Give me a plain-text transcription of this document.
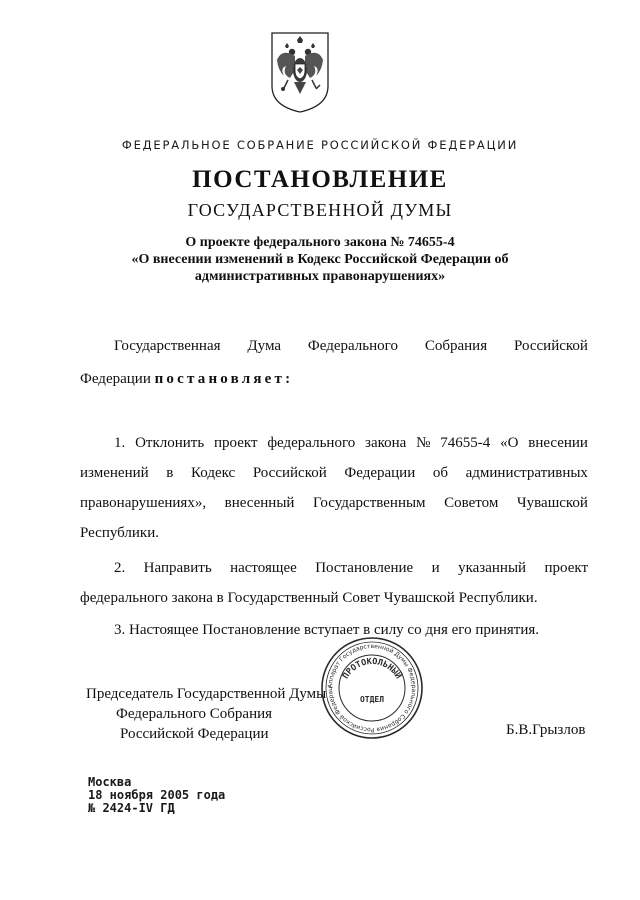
ФЕДЕРАЛЬНОЕ СОБРАНИЕ РОССИЙСКОЙ ФЕДЕРАЦИИ
ПОСТАНОВЛЕНИЕ
ГОСУДАРСТВЕННОЙ ДУМЫ
О проекте федерального закона № 74655-4
«О внесении изменений в Кодекс Российской Федерации об
административных правонарушениях»
Государственная Дума Федерального Собрания Российской
Федерации постановляет:
1. Отклонить проект федерального закона № 74655-4 «О внесении
изменений в Кодекс Российской Федерации об административных
правонарушениях», внесенный Государственным Советом Чувашской
Республики.
2. Направить настоящее Постановление и указанный проект
федерального закона в Государственный Совет Чувашской Республики.
3. Настоящее Постановление вступает в силу со дня его принятия.
Председатель Государственной Думы
Федерального Собрания
Российской Федерации	Б.В.Грызлов
Аппарат Государственной Думы Федерального Собрания Российской Федерац
ПРОТОКОЛЬНЫЙ
ОТДЕЛ
Москва
18 ноября 2005 года
№ 2424-IV ГД
